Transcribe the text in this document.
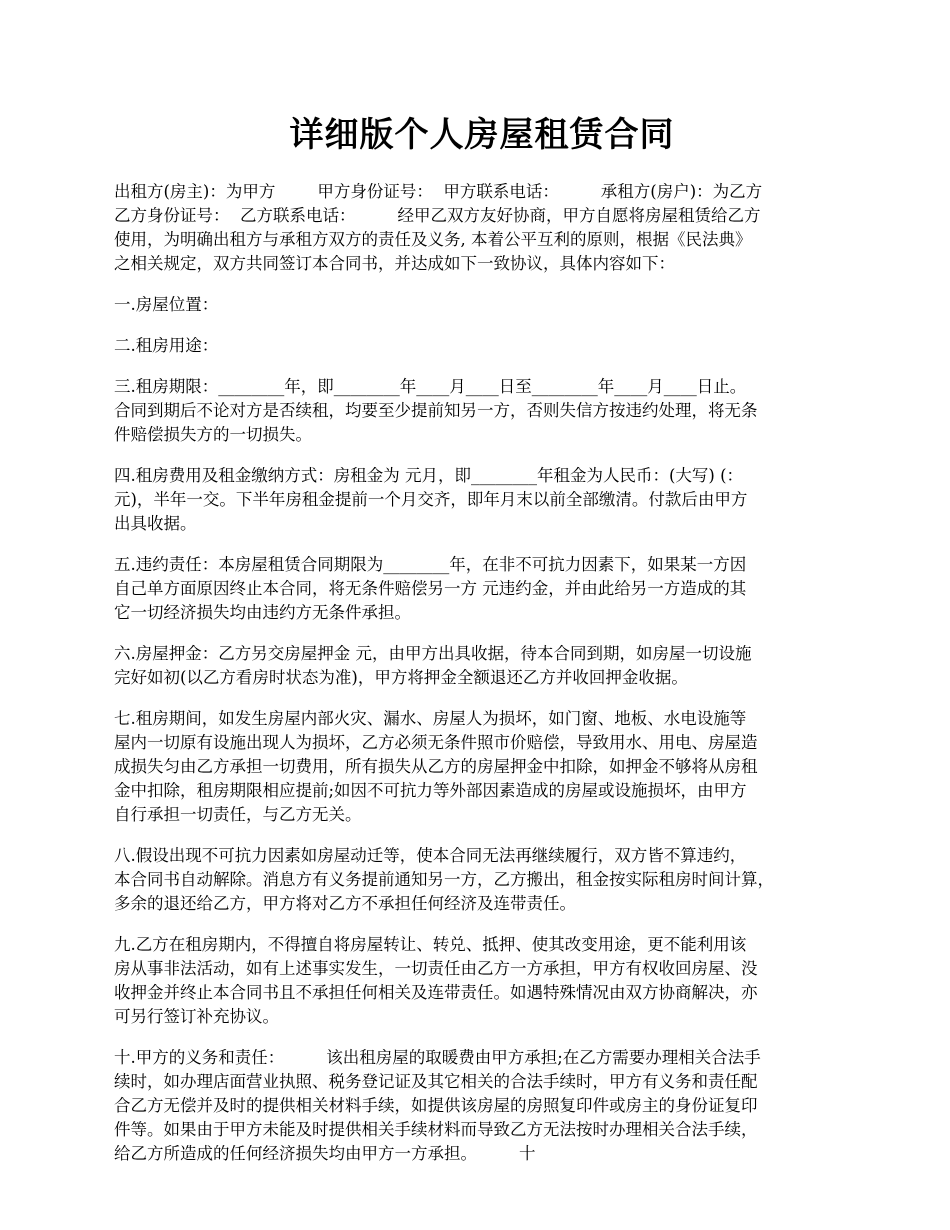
详细版个人房屋租赁合同

出租方(房主)：为甲方        甲方身份证号：  甲方联系电话：        承租方(房户)：为乙方
乙方身份证号：  乙方联系电话：        经甲乙双方友好协商，甲方自愿将房屋租赁给乙方
使用，为明确出租方与承租方双方的责任及义务, 本着公平互利的原则，根据《民法典》
之相关规定，双方共同签订本合同书，并达成如下一致协议，具体内容如下：

一.房屋位置：

二.租房用途：

三.租房期限：________年，即________年____月____日至________年____月____日止。
合同到期后不论对方是否续租，均要至少提前知另一方，否则失信方按违约处理，将无条
件赔偿损失方的一切损失。

四.租房费用及租金缴纳方式：房租金为 元月，即________年租金为人民币：(大写) (：
元)，半年一交。下半年房租金提前一个月交齐，即年月末以前全部缴清。付款后由甲方
出具收据。

五.违约责任：本房屋租赁合同期限为________年，在非不可抗力因素下，如果某一方因
自己单方面原因终止本合同，将无条件赔偿另一方 元违约金，并由此给另一方造成的其
它一切经济损失均由违约方无条件承担。

六.房屋押金：乙方另交房屋押金 元，由甲方出具收据，待本合同到期，如房屋一切设施
完好如初(以乙方看房时状态为准)，甲方将押金全额退还乙方并收回押金收据。

七.租房期间，如发生房屋内部火灾、漏水、房屋人为损坏，如门窗、地板、水电设施等
屋内一切原有设施出现人为损坏，乙方必须无条件照市价赔偿，导致用水、用电、房屋造
成损失匀由乙方承担一切费用，所有损失从乙方的房屋押金中扣除，如押金不够将从房租
金中扣除，租房期限相应提前;如因不可抗力等外部因素造成的房屋或设施损坏，由甲方
自行承担一切责任，与乙方无关。

八.假设出现不可抗力因素如房屋动迁等，使本合同无法再继续履行，双方皆不算违约，
本合同书自动解除。消息方有义务提前通知另一方，乙方搬出，租金按实际租房时间计算，
多余的退还给乙方，甲方将对乙方不承担任何经济及连带责任。

九.乙方在租房期内，不得擅自将房屋转让、转兑、抵押、使其改变用途，更不能利用该
房从事非法活动，如有上述事实发生，一切责任由乙方一方承担，甲方有权收回房屋、没
收押金并终止本合同书且不承担任何相关及连带责任。如遇特殊情况由双方协商解决，亦
可另行签订补充协议。

十.甲方的义务和责任：        该出租房屋的取暖费由甲方承担;在乙方需要办理相关合法手
续时，如办理店面营业执照、税务登记证及其它相关的合法手续时，甲方有义务和责任配
合乙方无偿并及时的提供相关材料手续，如提供该房屋的房照复印件或房主的身份证复印
件等。如果由于甲方未能及时提供相关手续材料而导致乙方无法按时办理相关合法手续，
给乙方所造成的任何经济损失均由甲方一方承担。        十
